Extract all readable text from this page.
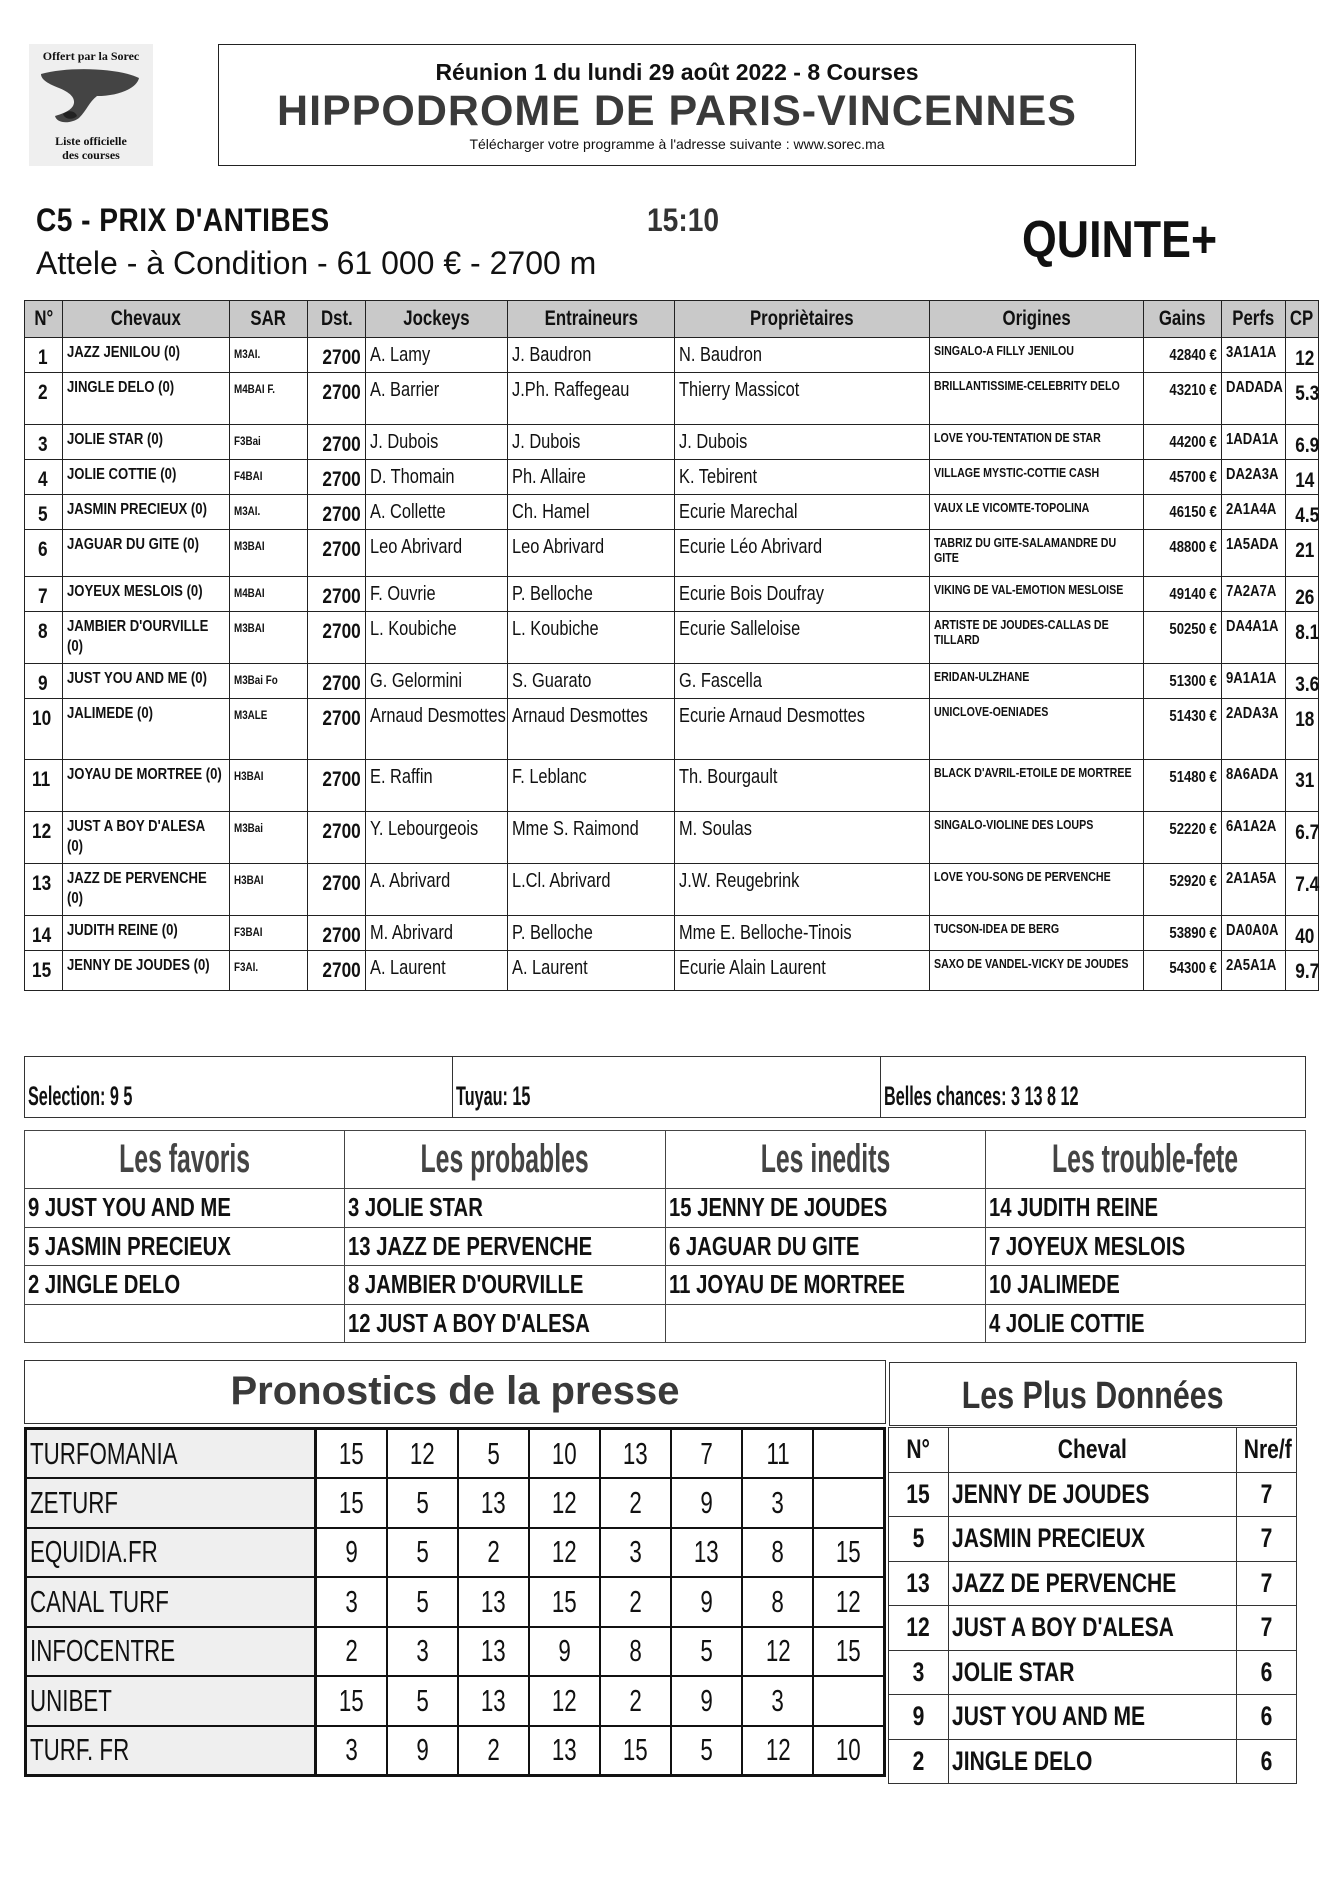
Offert par la Sorec
Liste officielle
des courses
Réunion 1 du lundi 29 août 2022 - 8 Courses
HIPPODROME DE PARIS-VINCENNES
Télécharger votre programme à l'adresse suivante : www.sorec.ma
C5 - PRIX D'ANTIBES	15:10
Attele - à Condition - 61 000 € - 2700 m	QUINTE+
N°	Chevaux	SAR	Dst.	Jockeys	Entraineurs	Propriètaires	Origines	Gains	Perfs	CP
1	JAZZ JENILOU (0)	M3AI.	2700	A. Lamy	J. Baudron	N. Baudron	SINGALO-A FILLY JENILOU	42840 €	3A1A1A	12
2	JINGLE DELO (0)	M4BAI F.	2700	A. Barrier	J.Ph. Raffegeau	Thierry Massicot	BRILLANTISSIME-CELEBRITY DELO	43210 €	DADADA	5.3
3	JOLIE STAR (0)	F3Bai	2700	J. Dubois	J. Dubois	J. Dubois	LOVE YOU-TENTATION DE STAR	44200 €	1ADA1A	6.9
4	JOLIE COTTIE (0)	F4BAI	2700	D. Thomain	Ph. Allaire	K. Tebirent	VILLAGE MYSTIC-COTTIE CASH	45700 €	DA2A3A	14
5	JASMIN PRECIEUX (0)	M3AI.	2700	A. Collette	Ch. Hamel	Ecurie Marechal	VAUX LE VICOMTE-TOPOLINA	46150 €	2A1A4A	4.5
6	JAGUAR DU GITE (0)	M3BAI	2700	Leo Abrivard	Leo Abrivard	Ecurie Léo Abrivard	TABRIZ DU GITE-SALAMANDRE DU GITE	48800 €	1A5ADA	21
7	JOYEUX MESLOIS (0)	M4BAI	2700	F. Ouvrie	P. Belloche	Ecurie Bois Doufray	VIKING DE VAL-EMOTION MESLOISE	49140 €	7A2A7A	26
8	JAMBIER D'OURVILLE (0)	M3BAI	2700	L. Koubiche	L. Koubiche	Ecurie Salleloise	ARTISTE DE JOUDES-CALLAS DE TILLARD	50250 €	DA4A1A	8.1
9	JUST YOU AND ME (0)	M3Bai Fo	2700	G. Gelormini	S. Guarato	G. Fascella	ERIDAN-ULZHANE	51300 €	9A1A1A	3.6
10	JALIMEDE (0)	M3ALE	2700	Arnaud Desmottes	Arnaud Desmottes	Ecurie Arnaud Desmottes	UNICLOVE-OENIADES	51430 €	2ADA3A	18
11	JOYAU DE MORTREE (0)	H3BAI	2700	E. Raffin	F. Leblanc	Th. Bourgault	BLACK D'AVRIL-ETOILE DE MORTREE	51480 €	8A6ADA	31
12	JUST A BOY D'ALESA (0)	M3Bai	2700	Y. Lebourgeois	Mme S. Raimond	M. Soulas	SINGALO-VIOLINE DES LOUPS	52220 €	6A1A2A	6.7
13	JAZZ DE PERVENCHE (0)	H3BAI	2700	A. Abrivard	L.Cl. Abrivard	J.W. Reugebrink	LOVE YOU-SONG DE PERVENCHE	52920 €	2A1A5A	7.4
14	JUDITH REINE (0)	F3BAI	2700	M. Abrivard	P. Belloche	Mme E. Belloche-Tinois	TUCSON-IDEA DE BERG	53890 €	DA0A0A	40
15	JENNY DE JOUDES (0)	F3AI.	2700	A. Laurent	A. Laurent	Ecurie Alain Laurent	SAXO DE VANDEL-VICKY DE JOUDES	54300 €	2A5A1A	9.7
Selection: 9 5	Tuyau: 15	Belles chances: 3 13 8 12
Les favoris	Les probables	Les inedits	Les trouble-fete
9 JUST YOU AND ME	3 JOLIE STAR	15 JENNY DE JOUDES	14 JUDITH REINE
5 JASMIN PRECIEUX	13 JAZZ DE PERVENCHE	6 JAGUAR DU GITE	7 JOYEUX MESLOIS
2 JINGLE DELO	8 JAMBIER D'OURVILLE	11 JOYAU DE MORTREE	10 JALIMEDE
	12 JUST A BOY D'ALESA		4 JOLIE COTTIE
Pronostics de la presse
TURFOMANIA	15	12	5	10	13	7	11	
ZETURF	15	5	13	12	2	9	3	
EQUIDIA.FR	9	5	2	12	3	13	8	15
CANAL TURF	3	5	13	15	2	9	8	12
INFOCENTRE	2	3	13	9	8	5	12	15
UNIBET	15	5	13	12	2	9	3	
TURF. FR	3	9	2	13	15	5	12	10
Les Plus Données
N°	Cheval	Nre/f
15	JENNY DE JOUDES	7
5	JASMIN PRECIEUX	7
13	JAZZ DE PERVENCHE	7
12	JUST A BOY D'ALESA	7
3	JOLIE STAR	6
9	JUST YOU AND ME	6
2	JINGLE DELO	6
